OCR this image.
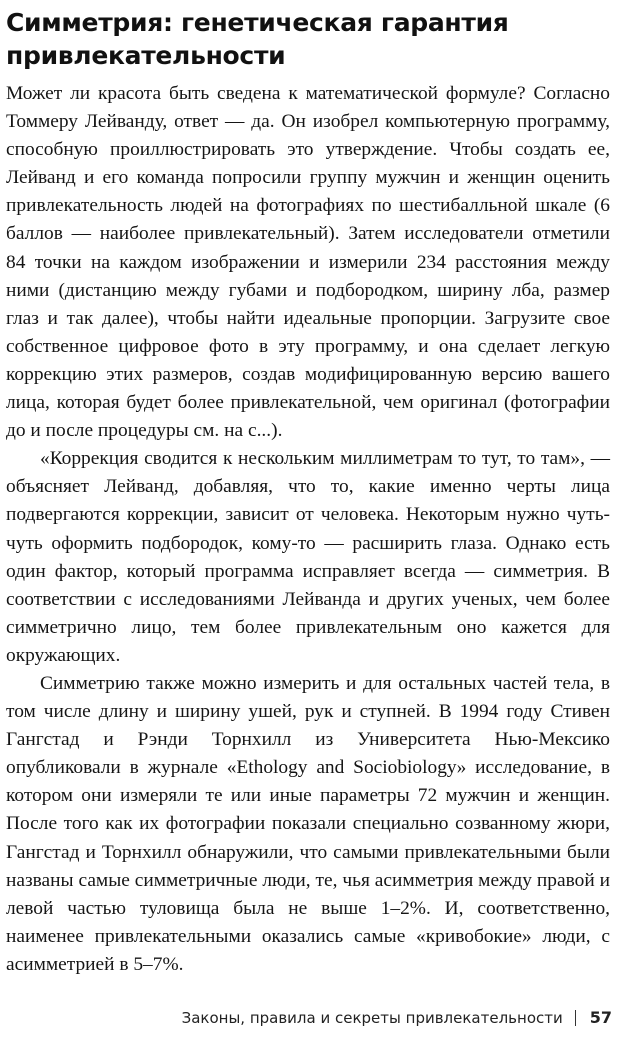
Симметрия: генетическая гарантия привлекательности

Может ли красота быть сведена к математической формуле? Согласно Томмеру Лейванду, ответ — да. Он изобрел компьютерную программу, способную проиллюстрировать это утверждение. Чтобы создать ее, Лейванд и его команда попросили группу мужчин и женщин оценить привлекательность людей на фотографиях по шестибалльной шкале (6 баллов — наиболее привлекательный). Затем исследователи отметили 84 точки на каждом изображении и измерили 234 расстояния между ними (дистанцию между губами и подбородком, ширину лба, размер глаз и так далее), чтобы найти идеальные пропорции. Загрузите свое собственное цифровое фото в эту программу, и она сделает легкую коррекцию этих размеров, создав модифицированную версию вашего лица, которая будет более привлекательной, чем оригинал (фотографии до и после процедуры см. на с...).

«Коррекция сводится к нескольким миллиметрам то тут, то там», — объясняет Лейванд, добавляя, что то, какие именно черты лица подвергаются коррекции, зависит от человека. Некоторым нужно чуть-чуть оформить подбородок, кому-то — расширить глаза. Однако есть один фактор, который программа исправляет всегда — симметрия. В соответствии с исследованиями Лейванда и других ученых, чем более симметрично лицо, тем более привлекательным оно кажется для окружающих.

Симметрию также можно измерить и для остальных частей тела, в том числе длину и ширину ушей, рук и ступней. В 1994 году Стивен Гангстад и Рэнди Торнхилл из Университета Нью-Мексико опубликовали в журнале «Ethology and Sociobiology» исследование, в котором они измеряли те или иные параметры 72 мужчин и женщин. После того как их фотографии показали специально созванному жюри, Гангстад и Торнхилл обнаружили, что самыми привлекательными были названы самые симметричные люди, те, чья асимметрия между правой и левой частью туловища была не выше 1–2%. И, соответственно, наименее привлекательными оказались самые «кривобокие» люди, с асимметрией в 5–7%.

Законы, правила и секреты привлекательности 57
